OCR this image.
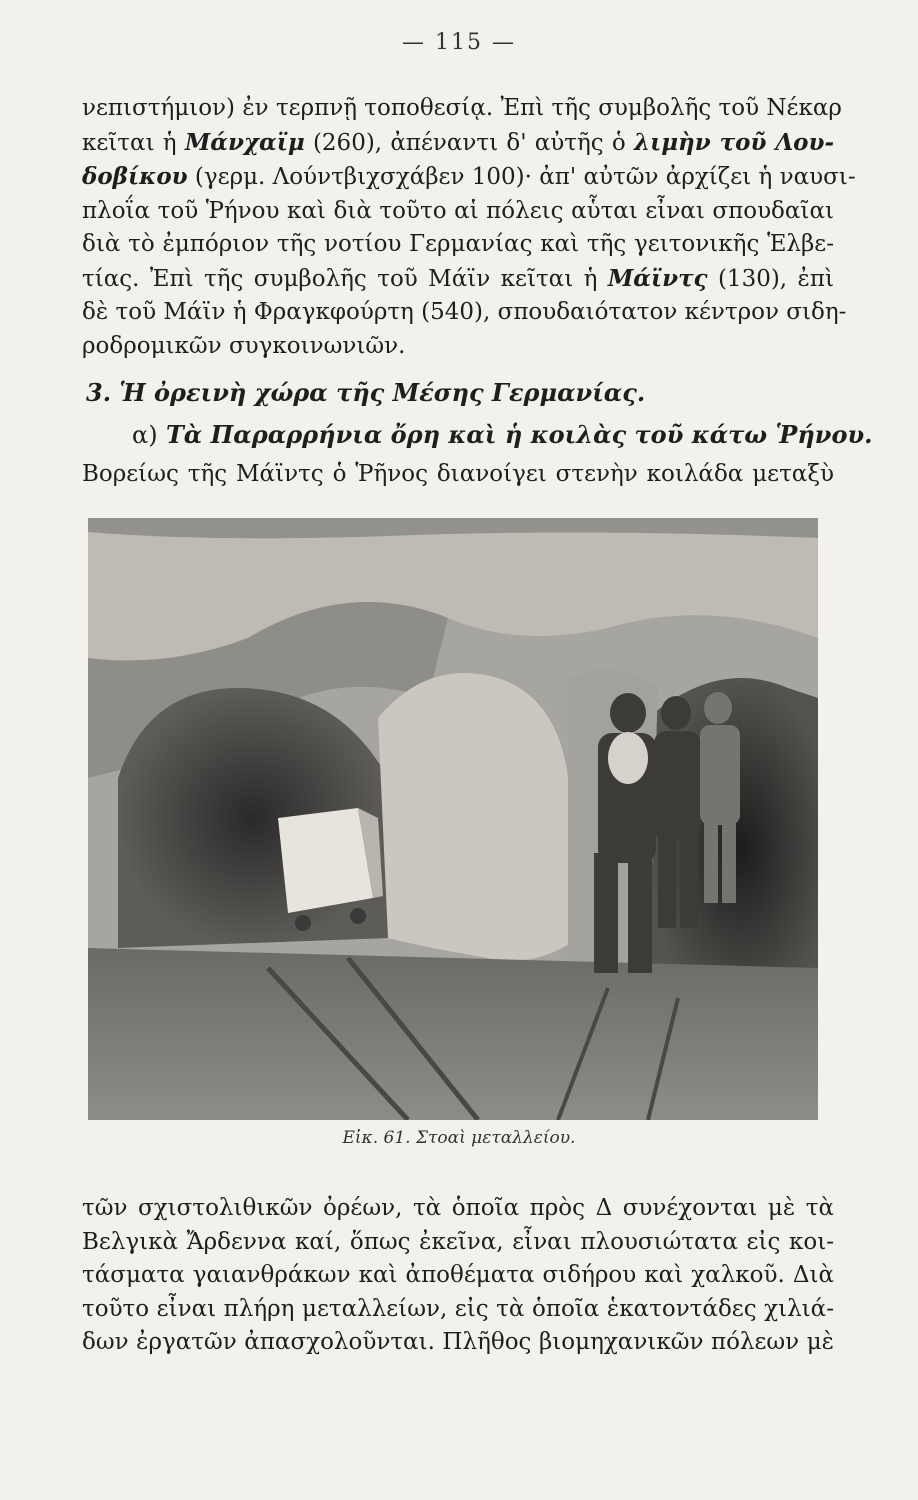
— 115 —
νεπιστήμιον) ἐν τερπνῇ τοποθεσίᾳ. Ἐπὶ τῆς συμβολῆς τοῦ Νέκαρ
κεῖται ἡ Μάνχαϊμ (260), ἀπέναντι δ' αὐτῆς ὁ λιμὴν τοῦ Λου-
δοβίκου (γερμ. Λούντβιχσχάβεν 100)· ἀπ' αὐτῶν ἀρχίζει ἡ ναυσι-
πλοΐα τοῦ Ῥήνου καὶ διὰ τοῦτο αἱ πόλεις αὗται εἶναι σπουδαῖαι
διὰ τὸ ἐμπόριον τῆς νοτίου Γερμανίας καὶ τῆς γειτονικῆς Ἑλβε-
τίας. Ἐπὶ τῆς συμβολῆς τοῦ Μάϊν κεῖται ἡ Μάϊντς (130), ἐπὶ
δὲ τοῦ Μάϊν ἡ Φραγκφούρτη (540), σπουδαιότατον κέντρον σιδη-
ροδρομικῶν συγκοινωνιῶν.
3. Ἡ ὀρεινὴ χώρα τῆς Μέσης Γερμανίας.
α) Τὰ Παραρρήνια ὄρη καὶ ἡ κοιλὰς τοῦ κάτω Ῥήνου.
Βορείως τῆς Μάϊντς ὁ Ῥῆνος διανοίγει στενὴν κοιλάδα μεταξὺ
Εἰκ. 61. Στοαὶ μεταλλείου.
τῶν σχιστολιθικῶν ὀρέων, τὰ ὁποῖα πρὸς Δ συνέχονται μὲ τὰ
Βελγικὰ Ἄρδεννα καί, ὅπως ἐκεῖνα, εἶναι πλουσιώτατα εἰς κοι-
τάσματα γαιανθράκων καὶ ἀποθέματα σιδήρου καὶ χαλκοῦ. Διὰ
τοῦτο εἶναι πλήρη μεταλλείων, εἰς τὰ ὁποῖα ἑκατοντάδες χιλιά-
δων ἐργατῶν ἀπασχολοῦνται. Πλῆθος βιομηχανικῶν πόλεων μὲ
